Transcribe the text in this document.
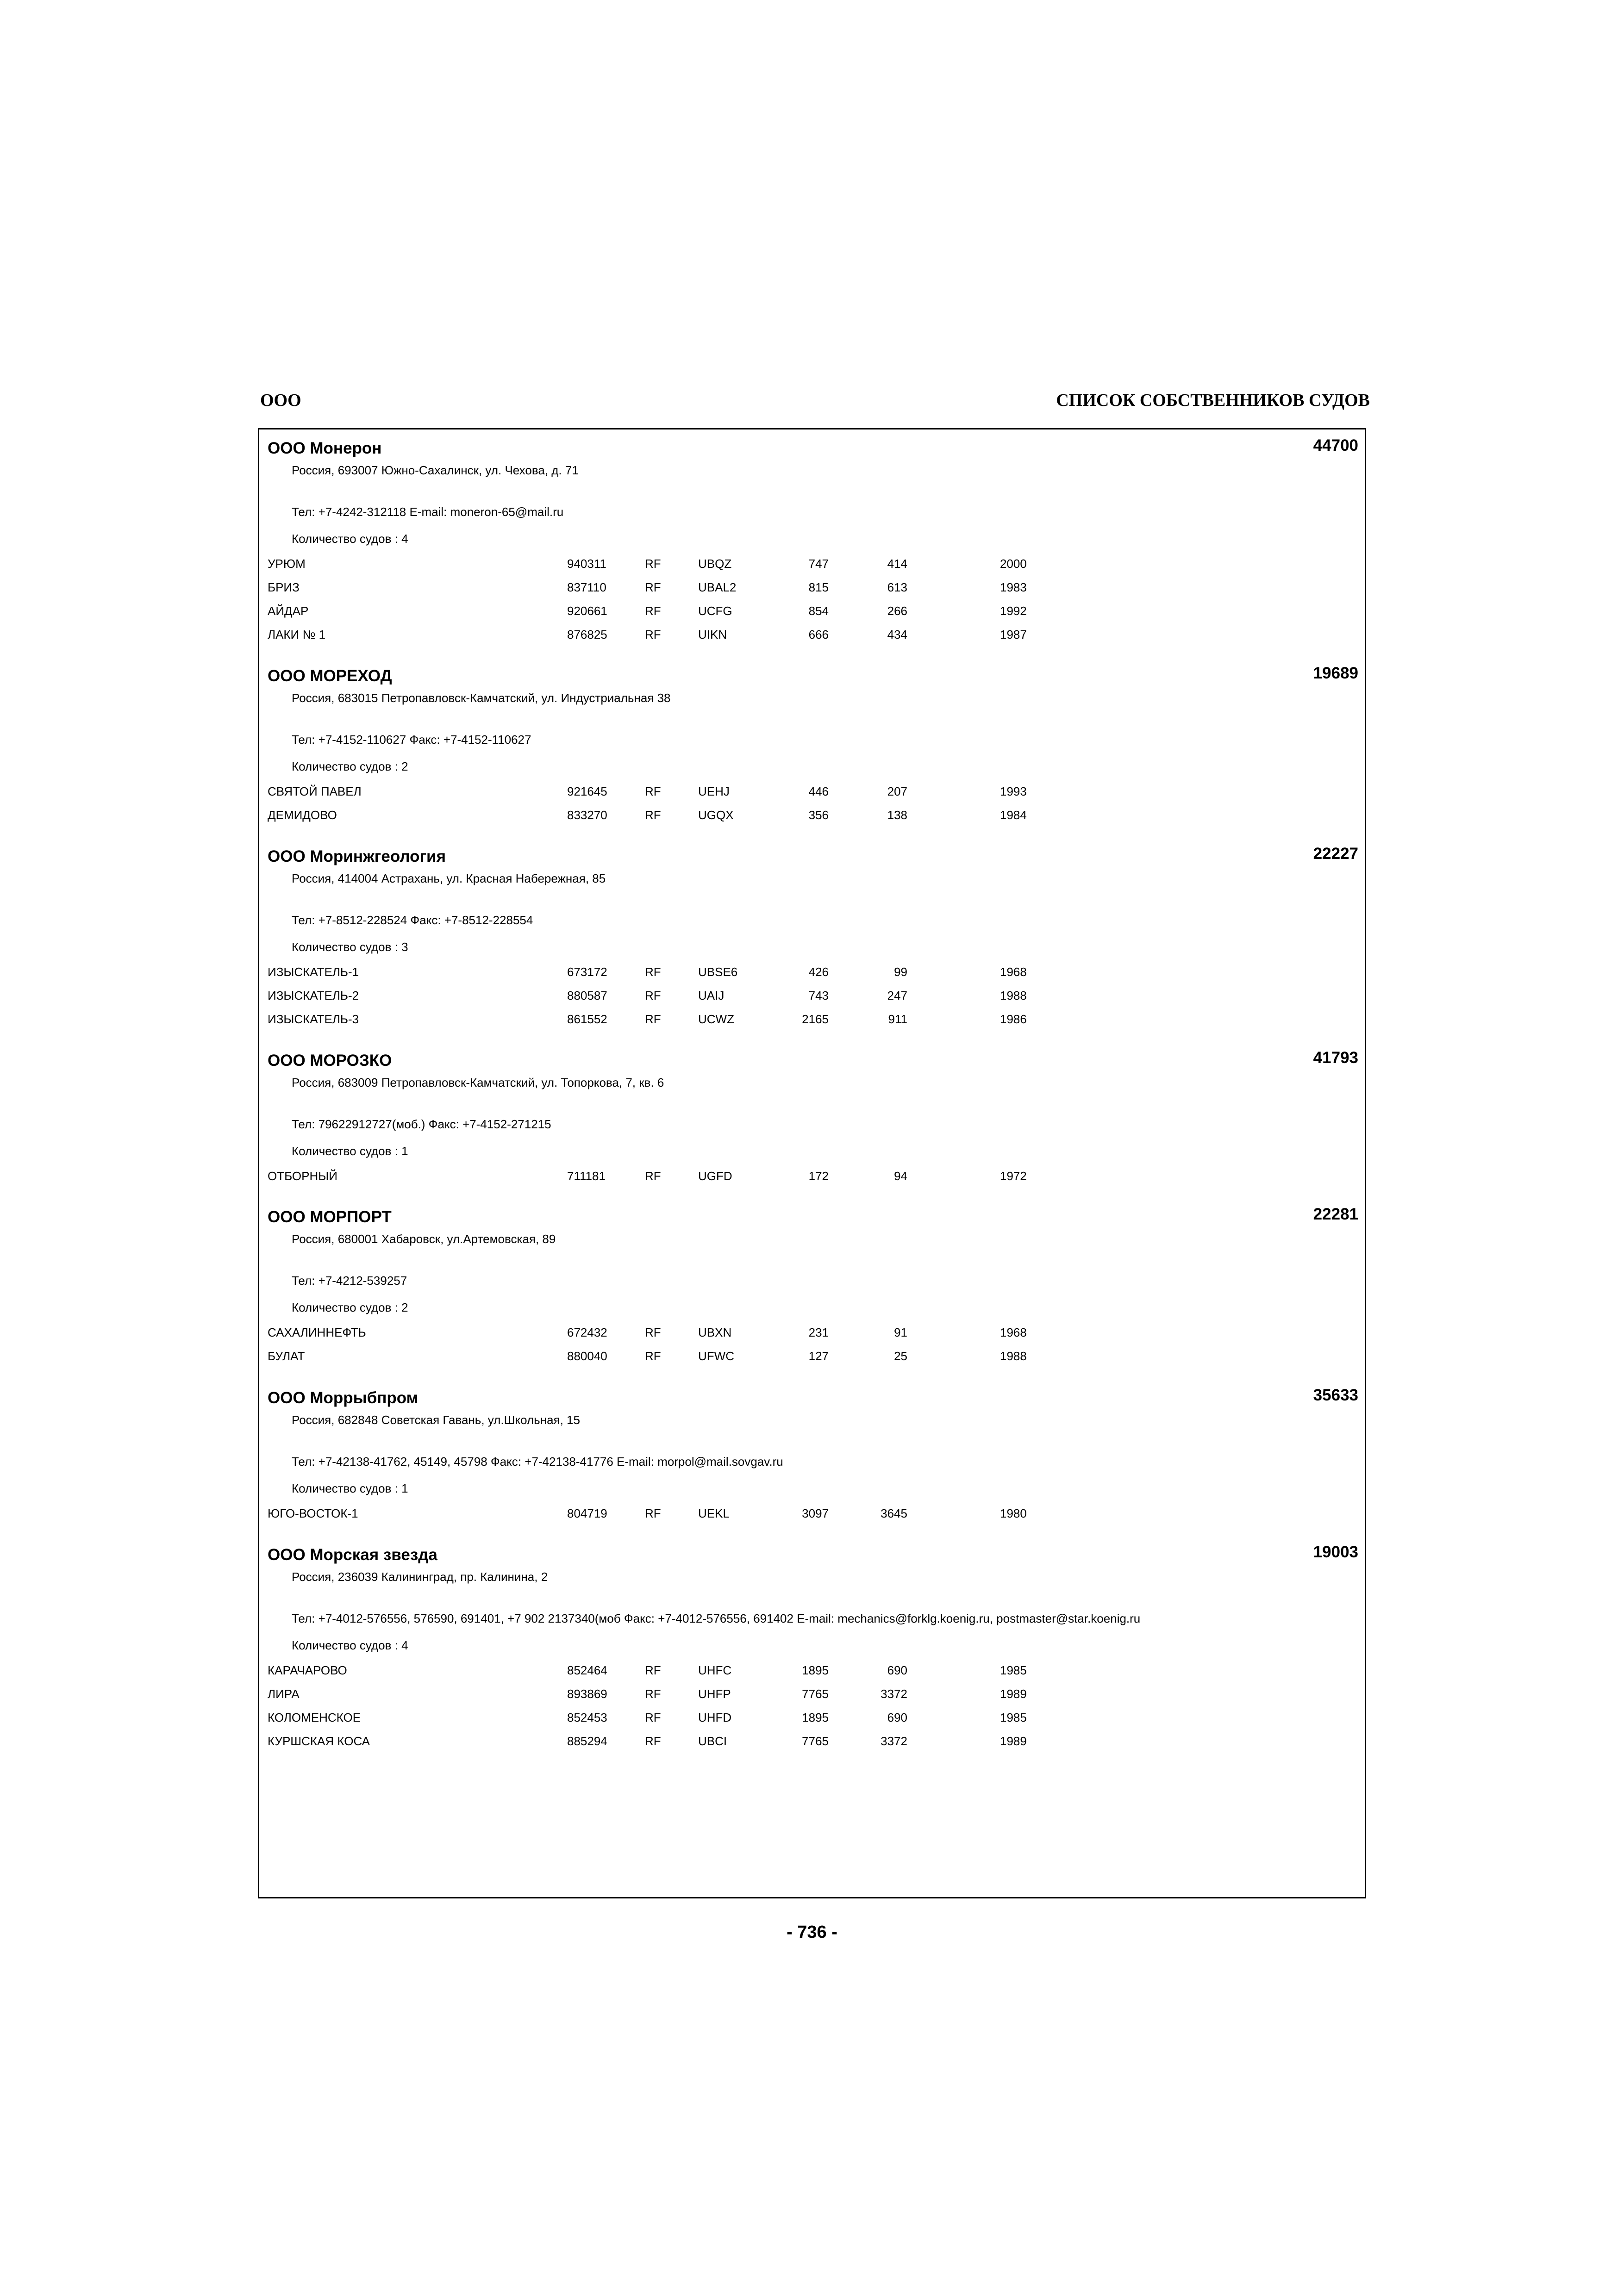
ООО	СПИСОК СОБСТВЕННИКОВ СУДОВ
ООО Монерон	44700
Россия, 693007 Южно-Сахалинск, ул. Чехова, д. 71
Тел: +7-4242-312118 E-mail: moneron-65@mail.ru
Количество судов : 4
УРЮМ	940311	RF	UBQZ	747	414	2000
БРИЗ	837110	RF	UBAL2	815	613	1983
АЙДАР	920661	RF	UCFG	854	266	1992
ЛАКИ № 1	876825	RF	UIKN	666	434	1987
ООО МОРЕХОД	19689
Россия, 683015 Петропавловск-Камчатский, ул. Индустриальная 38
Тел: +7-4152-110627 Факс: +7-4152-110627
Количество судов : 2
СВЯТОЙ ПАВЕЛ	921645	RF	UEHJ	446	207	1993
ДЕМИДОВО	833270	RF	UGQX	356	138	1984
ООО Моринжгеология	22227
Россия, 414004 Астрахань, ул. Красная Набережная, 85
Тел: +7-8512-228524 Факс: +7-8512-228554
Количество судов : 3
ИЗЫСКАТЕЛЬ-1	673172	RF	UBSE6	426	99	1968
ИЗЫСКАТЕЛЬ-2	880587	RF	UAIJ	743	247	1988
ИЗЫСКАТЕЛЬ-3	861552	RF	UCWZ	2165	911	1986
ООО МОРОЗКО	41793
Россия, 683009 Петропавловск-Камчатский, ул. Топоркова, 7, кв. 6
Тел: 79622912727(моб.) Факс: +7-4152-271215
Количество судов : 1
ОТБОРНЫЙ	711181	RF	UGFD	172	94	1972
ООО МОРПОРТ	22281
Россия, 680001 Хабаровск, ул.Артемовская, 89
Тел: +7-4212-539257
Количество судов : 2
САХАЛИННЕФТЬ	672432	RF	UBXN	231	91	1968
БУЛАТ	880040	RF	UFWC	127	25	1988
ООО Моррыбпром	35633
Россия, 682848 Советская Гавань, ул.Школьная, 15
Тел: +7-42138-41762, 45149, 45798 Факс: +7-42138-41776 E-mail: morpol@mail.sovgav.ru
Количество судов : 1
ЮГО-ВОСТОК-1	804719	RF	UEKL	3097	3645	1980
ООО Морская звезда	19003
Россия, 236039 Калининград, пр. Калинина, 2
Тел: +7-4012-576556, 576590, 691401, +7 902 2137340(моб Факс: +7-4012-576556, 691402 E-mail: mechanics@forklg.koenig.ru, postmaster@star.koenig.ru
Количество судов : 4
КАРАЧАРОВО	852464	RF	UHFC	1895	690	1985
ЛИРА	893869	RF	UHFP	7765	3372	1989
КОЛОМЕНСКОЕ	852453	RF	UHFD	1895	690	1985
КУРШСКАЯ КОСА	885294	RF	UBCI	7765	3372	1989
- 736 -
